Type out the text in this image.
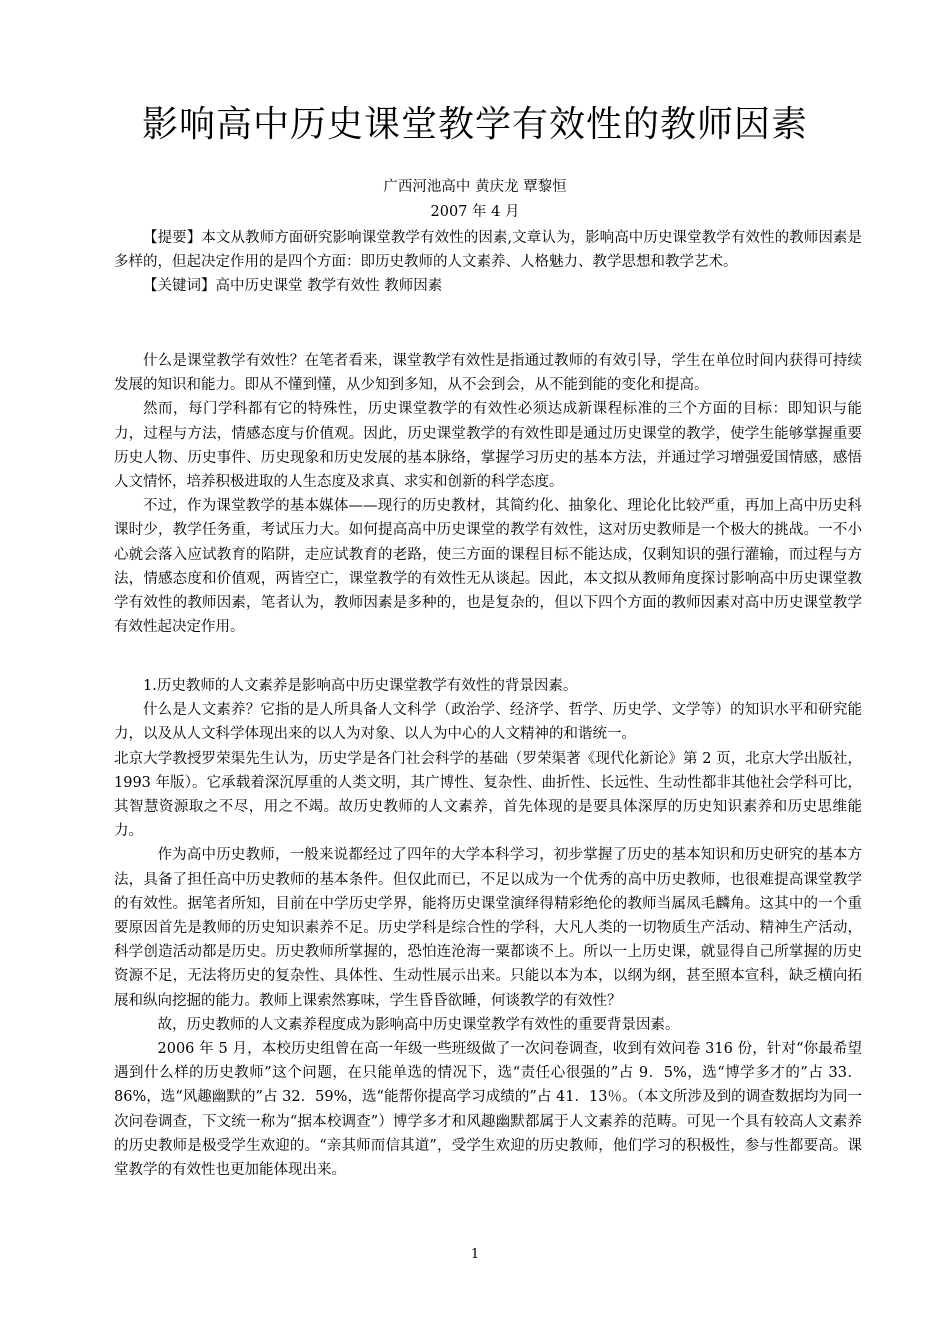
影响高中历史课堂教学有效性的教师因素
广西河池高中 黄庆龙 覃黎恒
2007 年 4 月

【提要】本文从教师方面研究影响课堂教学有效性的因素,文章认为，影响高中历史课堂教学有效性的教师因素是多样的，但起决定作用的是四个方面：即历史教师的人文素养、人格魅力、教学思想和教学艺术。

【关键词】高中历史课堂 教学有效性 教师因素

什么是课堂教学有效性？在笔者看来，课堂教学有效性是指通过教师的有效引导，学生在单位时间内获得可持续发展的知识和能力。即从不懂到懂，从少知到多知，从不会到会，从不能到能的变化和提高。

然而，每门学科都有它的特殊性，历史课堂教学的有效性必须达成新课程标准的三个方面的目标：即知识与能力，过程与方法，情感态度与价值观。因此，历史课堂教学的有效性即是通过历史课堂的教学，使学生能够掌握重要历史人物、历史事件、历史现象和历史发展的基本脉络，掌握学习历史的基本方法，并通过学习增强爱国情感，感悟人文情怀，培养积极进取的人生态度及求真、求实和创新的科学态度。

不过，作为课堂教学的基本媒体——现行的历史教材，其简约化、抽象化、理论化比较严重，再加上高中历史科课时少，教学任务重，考试压力大。如何提高高中历史课堂的教学有效性，这对历史教师是一个极大的挑战。一不小心就会落入应试教育的陷阱，走应试教育的老路，使三方面的课程目标不能达成，仅剩知识的强行灌输，而过程与方法，情感态度和价值观，两皆空亡，课堂教学的有效性无从谈起。因此，本文拟从教师角度探讨影响高中历史课堂教学有效性的教师因素，笔者认为，教师因素是多种的，也是复杂的，但以下四个方面的教师因素对高中历史课堂教学有效性起决定作用。

1.历史教师的人文素养是影响高中历史课堂教学有效性的背景因素。

什么是人文素养？它指的是人所具备人文科学（政治学、经济学、哲学、历史学、文学等）的知识水平和研究能力，以及从人文科学体现出来的以人为对象、以人为中心的人文精神的和谐统一。

北京大学教授罗荣渠先生认为，历史学是各门社会科学的基础（罗荣渠著《现代化新论》第 2 页，北京大学出版社，1993 年版）。它承载着深沉厚重的人类文明，其广博性、复杂性、曲折性、长远性、生动性都非其他社会学科可比，其智慧资源取之不尽，用之不竭。故历史教师的人文素养，首先体现的是要具体深厚的历史知识素养和历史思维能力。

作为高中历史教师，一般来说都经过了四年的大学本科学习，初步掌握了历史的基本知识和历史研究的基本方法，具备了担任高中历史教师的基本条件。但仅此而已，不足以成为一个优秀的高中历史教师，也很难提高课堂教学的有效性。据笔者所知，目前在中学历史学界，能将历史课堂演绎得精彩绝伦的教师当属凤毛麟角。这其中的一个重要原因首先是教师的历史知识素养不足。历史学科是综合性的学科，大凡人类的一切物质生产活动、精神生产活动，科学创造活动都是历史。历史教师所掌握的，恐怕连沧海一粟都谈不上。所以一上历史课，就显得自己所掌握的历史资源不足，无法将历史的复杂性、具体性、生动性展示出来。只能以本为本，以纲为纲，甚至照本宣科，缺乏横向拓展和纵向挖掘的能力。教师上课索然寡味，学生昏昏欲睡，何谈教学的有效性？

故，历史教师的人文素养程度成为影响高中历史课堂教学有效性的重要背景因素。

2006 年 5 月，本校历史组曾在高一年级一些班级做了一次问卷调查，收到有效问卷 316 份，针对“你最希望遇到什么样的历史教师”这个问题，在只能单选的情况下，选“责任心很强的”占 9．5%，选“博学多才的”占 33．86%，选“风趣幽默的”占 32．59%，选“能帮你提高学习成绩的”占 41．13％。（本文所涉及到的调查数据均为同一次问卷调查，下文统一称为“据本校调查”）博学多才和风趣幽默都属于人文素养的范畴。可见一个具有较高人文素养 的历史教师是极受学生欢迎的。“亲其师而信其道”，受学生欢迎的历史教师，他们学习的积极性，参与性都要高。课堂教学的有效性也更加能体现出来。

1
